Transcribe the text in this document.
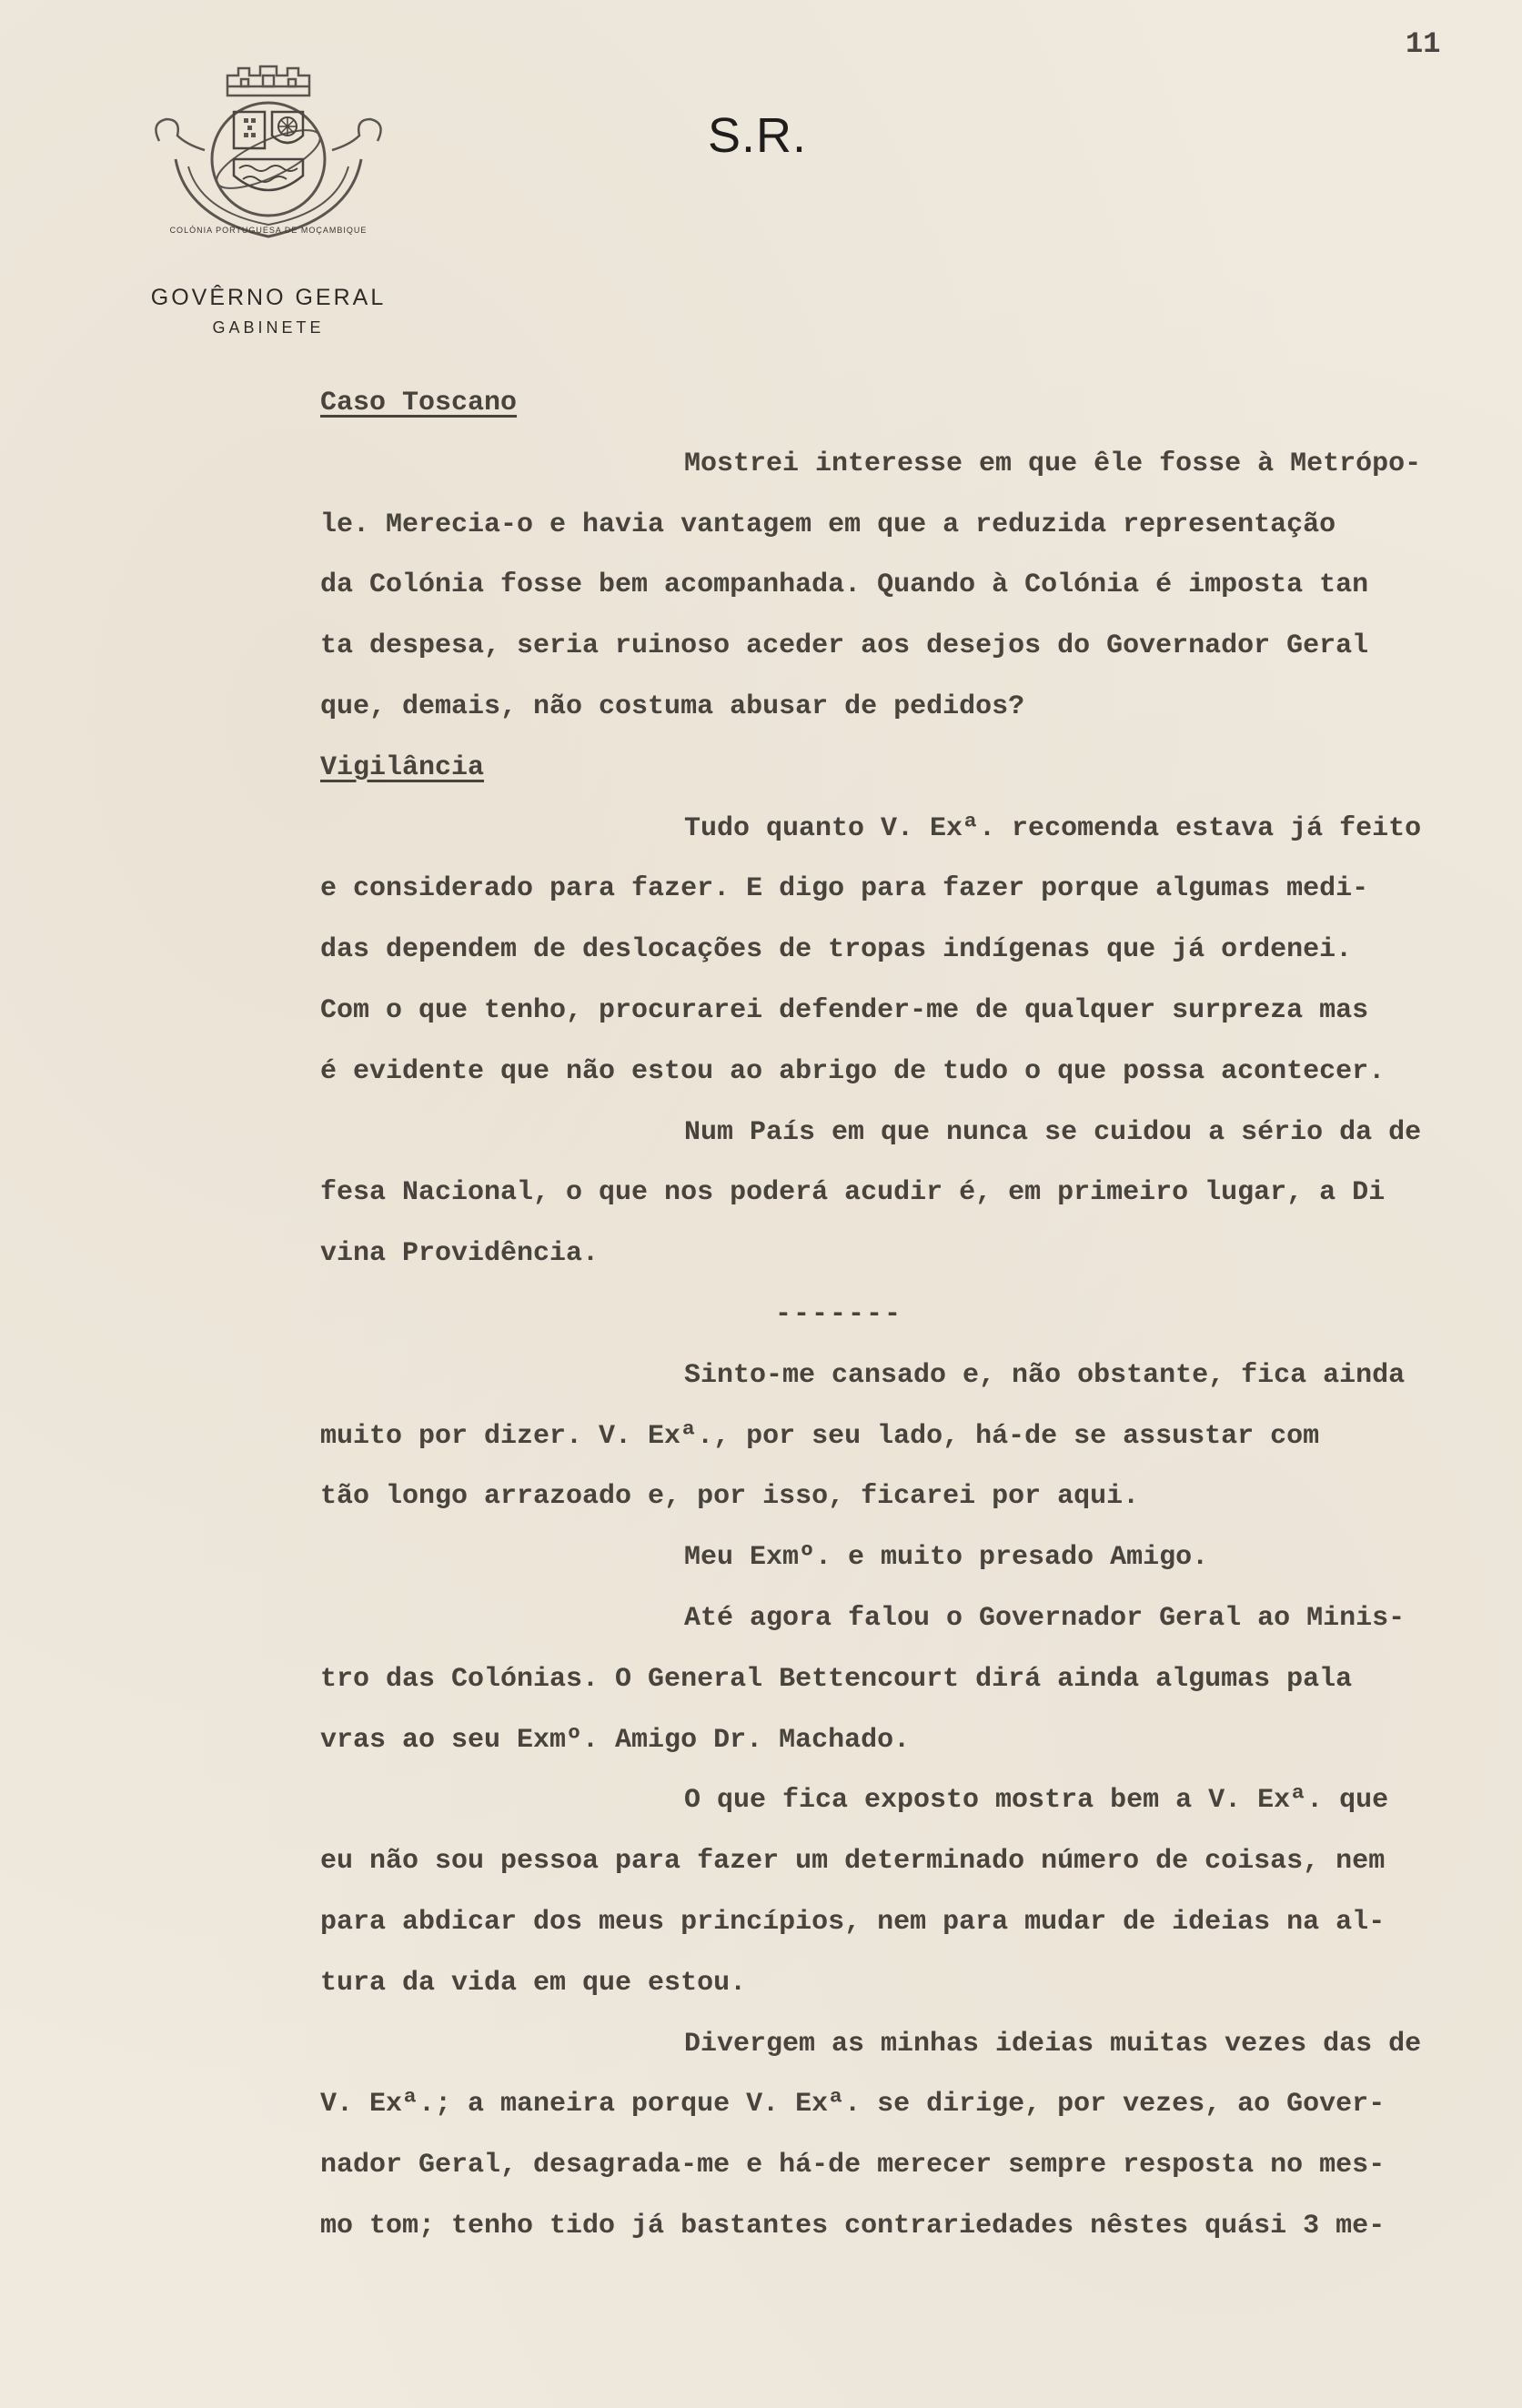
11
COLÓNIA PORTUGUESA DE MOÇAMBIQUE
GOVÊRNO GERAL
GABINETE
S.R.
Caso Toscano
Mostrei interesse em que êle fosse à Metrópo-
le. Merecia-o e havia vantagem em que a reduzida representação
da Colónia fosse bem acompanhada. Quando à Colónia é imposta tan
ta despesa, seria ruinoso aceder aos desejos do Governador Geral
que, demais, não costuma abusar de pedidos?
Vigilância
Tudo quanto V. Exª. recomenda estava já feito
e considerado para fazer. E digo para fazer porque algumas medi-
das dependem de deslocações de tropas indígenas que já ordenei.
Com o que tenho, procurarei defender-me de qualquer surpreza mas
é evidente que não estou ao abrigo de tudo o que possa acontecer.
Num País em que nunca se cuidou a sério da de
fesa Nacional, o que nos poderá acudir é, em primeiro lugar, a Di
vina Providência.
-------
Sinto-me cansado e, não obstante, fica ainda
muito por dizer. V. Exª., por seu lado, há-de se assustar com
tão longo arrazoado e, por isso, ficarei por aqui.
Meu Exmº. e muito presado Amigo.
Até agora falou o Governador Geral ao Minis-
tro das Colónias. O General Bettencourt dirá ainda algumas pala
vras ao seu Exmº. Amigo Dr. Machado.
O que fica exposto mostra bem a V. Exª. que
eu não sou pessoa para fazer um determinado número de coisas, nem
para abdicar dos meus princípios, nem para mudar de ideias na al-
tura da vida em que estou.
Divergem as minhas ideias muitas vezes das de
V. Exª.; a maneira porque V. Exª. se dirige, por vezes, ao Gover-
nador Geral, desagrada-me e há-de merecer sempre resposta no mes-
mo tom; tenho tido já bastantes contrariedades nêstes quási 3 me-
